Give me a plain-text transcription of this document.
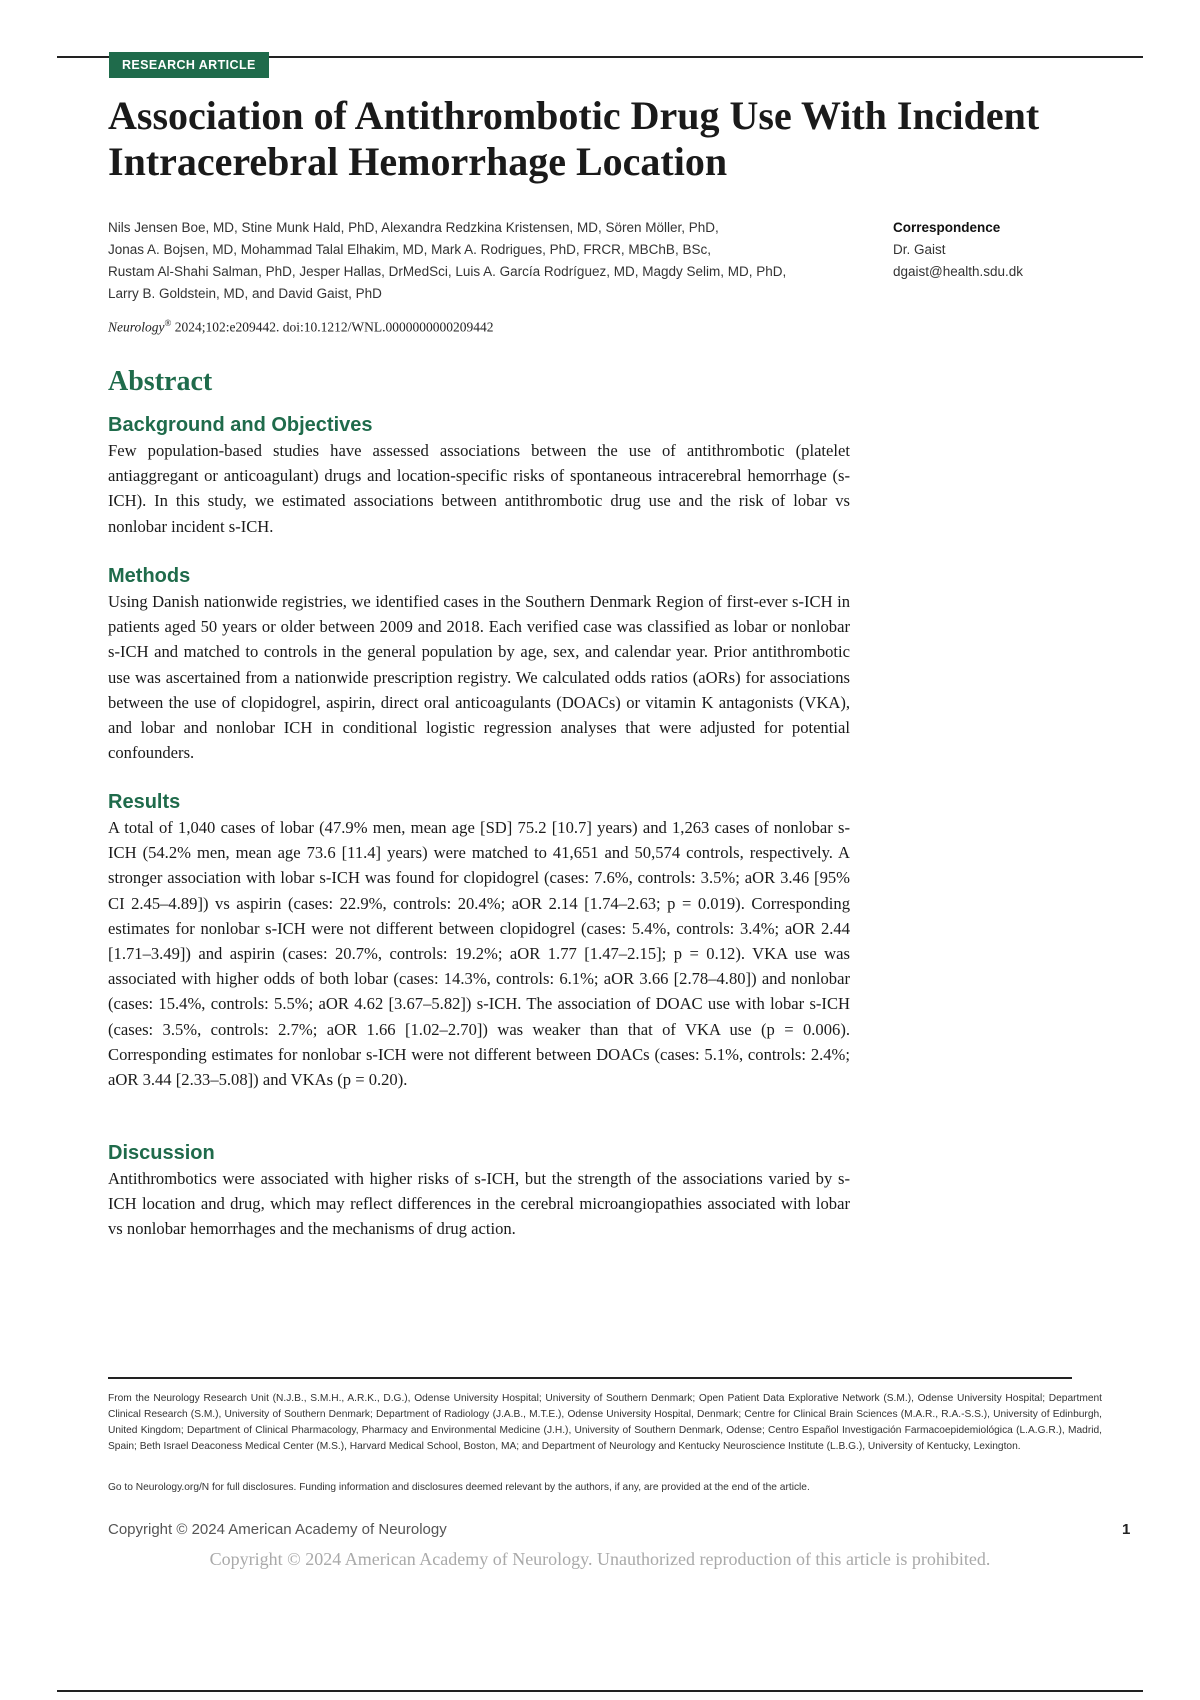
RESEARCH ARTICLE
Association of Antithrombotic Drug Use With Incident
Intracerebral Hemorrhage Location
Nils Jensen Boe, MD, Stine Munk Hald, PhD, Alexandra Redzkina Kristensen, MD, Sören Möller, PhD,
Jonas A. Bojsen, MD, Mohammad Talal Elhakim, MD, Mark A. Rodrigues, PhD, FRCR, MBChB, BSc,
Rustam Al-Shahi Salman, PhD, Jesper Hallas, DrMedSci, Luis A. García Rodríguez, MD, Magdy Selim, MD, PhD,
Larry B. Goldstein, MD, and David Gaist, PhD
Correspondence
Dr. Gaist
dgaist@health.sdu.dk
Neurology® 2024;102:e209442. doi:10.1212/WNL.0000000000209442
Abstract
Background and Objectives

Few population-based studies have assessed associations between the use of antithrombotic (platelet antiaggregant or anticoagulant) drugs and location-specific risks of spontaneous intracerebral hemorrhage (s-ICH). In this study, we estimated associations between antithrombotic drug use and the risk of lobar vs nonlobar incident s-ICH.

Methods

Using Danish nationwide registries, we identified cases in the Southern Denmark Region of first-ever s-ICH in patients aged 50 years or older between 2009 and 2018. Each verified case was classified as lobar or nonlobar s-ICH and matched to controls in the general population by age, sex, and calendar year. Prior antithrombotic use was ascertained from a nationwide prescription registry. We calculated odds ratios (aORs) for associations between the use of clopidogrel, aspirin, direct oral anticoagulants (DOACs) or vitamin K antagonists (VKA), and lobar and nonlobar ICH in conditional logistic regression analyses that were adjusted for potential confounders.

Results

A total of 1,040 cases of lobar (47.9% men, mean age [SD] 75.2 [10.7] years) and 1,263 cases of nonlobar s-ICH (54.2% men, mean age 73.6 [11.4] years) were matched to 41,651 and 50,574 controls, respectively. A stronger association with lobar s-ICH was found for clopidogrel (cases: 7.6%, controls: 3.5%; aOR 3.46 [95% CI 2.45–4.89]) vs aspirin (cases: 22.9%, controls: 20.4%; aOR 2.14 [1.74–2.63; p = 0.019). Corresponding estimates for nonlobar s-ICH were not different between clopidogrel (cases: 5.4%, controls: 3.4%; aOR 2.44 [1.71–3.49]) and aspirin (cases: 20.7%, controls: 19.2%; aOR 1.77 [1.47–2.15]; p = 0.12). VKA use was associated with higher odds of both lobar (cases: 14.3%, controls: 6.1%; aOR 3.66 [2.78–4.80]) and nonlobar (cases: 15.4%, controls: 5.5%; aOR 4.62 [3.67–5.82]) s-ICH. The association of DOAC use with lobar s-ICH (cases: 3.5%, controls: 2.7%; aOR 1.66 [1.02–2.70]) was weaker than that of VKA use (p = 0.006). Corresponding estimates for nonlobar s-ICH were not different between DOACs (cases: 5.1%, controls: 2.4%; aOR 3.44 [2.33–5.08]) and VKAs (p = 0.20).

Discussion

Antithrombotics were associated with higher risks of s-ICH, but the strength of the associations varied by s-ICH location and drug, which may reflect differences in the cerebral microangiopathies associated with lobar vs nonlobar hemorrhages and the mechanisms of drug action.

From the Neurology Research Unit (N.J.B., S.M.H., A.R.K., D.G.), Odense University Hospital; University of Southern Denmark; Open Patient Data Explorative Network (S.M.), Odense University Hospital; Department Clinical Research (S.M.), University of Southern Denmark; Department of Radiology (J.A.B., M.T.E.), Odense University Hospital, Denmark; Centre for Clinical Brain Sciences (M.A.R., R.A.-S.S.), University of Edinburgh, United Kingdom; Department of Clinical Pharmacology, Pharmacy and Environmental Medicine (J.H.), University of Southern Denmark, Odense; Centro Español Investigación Farmacoepidemiológica (L.A.G.R.), Madrid, Spain; Beth Israel Deaconess Medical Center (M.S.), Harvard Medical School, Boston, MA; and Department of Neurology and Kentucky Neuroscience Institute (L.B.G.), University of Kentucky, Lexington.

Go to Neurology.org/N for full disclosures. Funding information and disclosures deemed relevant by the authors, if any, are provided at the end of the article.

Copyright © 2024 American Academy of Neurology	1
Copyright © 2024 American Academy of Neurology. Unauthorized reproduction of this article is prohibited.
